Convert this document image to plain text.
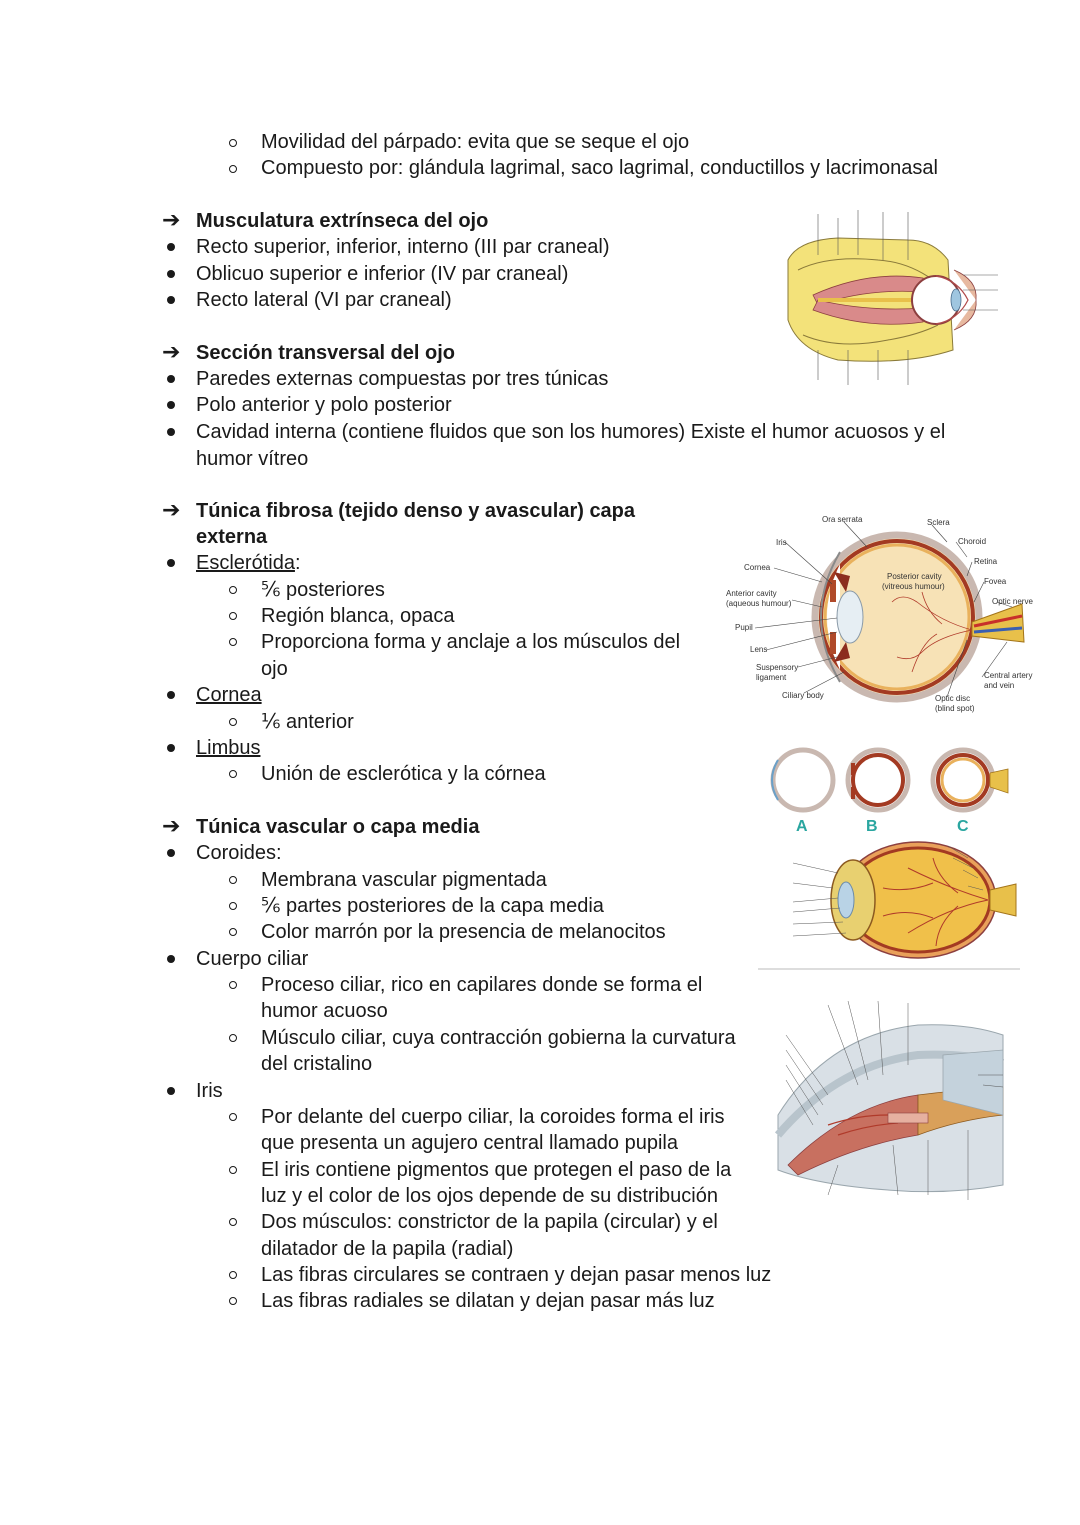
Movilidad del párpado: evita que se seque el ojo
Compuesto por: glándula lagrimal, saco lagrimal, conductillos y lacrimonasal
➔ Musculatura extrínseca del ojo
Recto superior, inferior, interno (III par craneal)
Oblicuo superior e inferior (IV par craneal)
Recto lateral (VI par craneal)
➔ Sección transversal del ojo
Paredes externas compuestas por tres túnicas
Polo anterior y polo posterior
Cavidad interna (contiene fluidos que son los humores) Existe el humor acuosos y el
humor vítreo
➔ Túnica fibrosa (tejido denso y avascular) capa
externa
Esclerótida:
⅚ posteriores
Región blanca, opaca
Proporciona forma y anclaje a los músculos del
ojo
Cornea
⅙ anterior
Limbus
Unión de esclerótica y la córnea
➔ Túnica vascular o capa media
Coroides:
Membrana vascular pigmentada
⅚ partes posteriores de la capa media
Color marrón por la presencia de melanocitos
Cuerpo ciliar
Proceso ciliar, rico en capilares donde se forma el
humor acuoso
Músculo ciliar, cuya contracción gobierna la curvatura
del cristalino
Iris
Por delante del cuerpo ciliar, la coroides forma el iris
que presenta un agujero central llamado pupila
El iris contiene pigmentos que protegen el paso de la
luz y el color de los ojos depende de su distribución
Dos músculos: constrictor de la papila (circular) y el
dilatador de la papila (radial)
Las fibras circulares se contraen y dejan pasar menos luz
Las fibras radiales se dilatan y dejan pasar más luz
Ora serrata	Sclera
Iris	Choroid
Cornea
Retina
Fovea
Posterior cavity
(vitreous humour)
Optic nerve
Anterior cavity
(aqueous humour)
Pupil
Lens
Suspensory
ligament	Central artery
and vein
Ciliary body	Optic disc
(blind spot)
A	B	C
